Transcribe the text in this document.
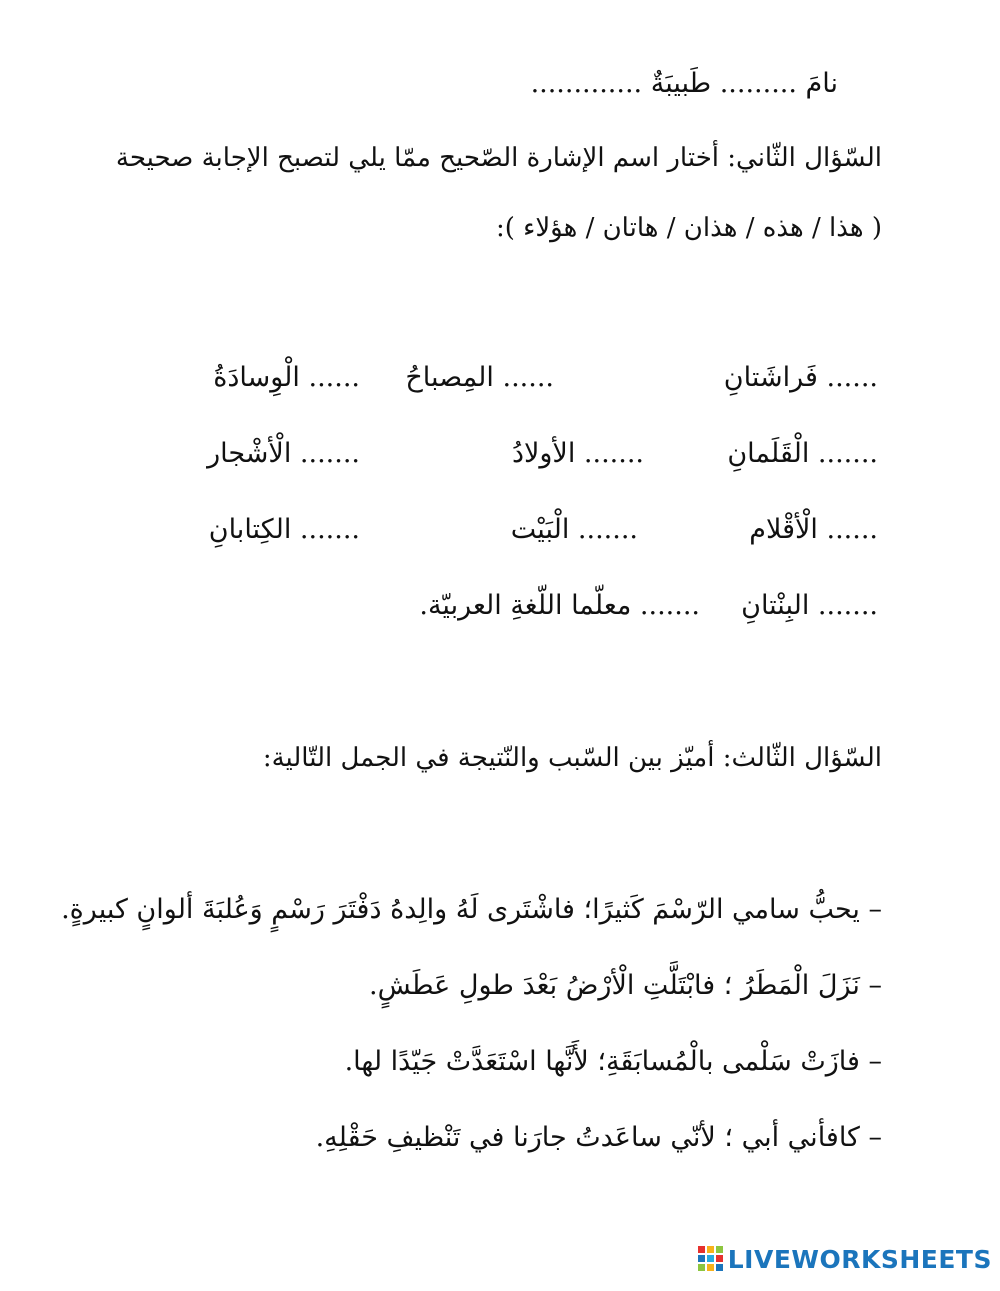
نامَ ......... طَبيبَةٌ .............
السّؤال الثّاني: أختار اسم الإشارة الصّحيح ممّا يلي لتصبح الإجابة صحيحة
( هذا / هذه / هذان / هاتان / هؤلاء ):
...... فَراشَتانِ
...... المِصباحُ
...... الْوِسادَةُ
....... الْقَلَمانِ
....... الأولادُ
....... الْأشْجار
...... الْأقْلام
....... الْبَيْت
....... الكِتابانِ
....... البِنْتانِ
....... معلّما اللّغةِ العربيّة.
السّؤال الثّالث: أميّز بين السّبب والنّتيجة في الجمل التّالية:
– يحبُّ سامي الرّسْمَ كَثيرًا؛ فاشْتَرى لَهُ والِدهُ دَفْتَرَ رَسْمٍ وَعُلبَةَ ألوانٍ كبيرةٍ.
– نَزَلَ الْمَطَرُ ؛ فابْتَلَّتِ الْأرْضُ بَعْدَ طولِ عَطَشٍ.
– فازَتْ سَلْمى بالْمُسابَقَةِ؛ لأَنَّها اسْتَعَدَّتْ جَيّدًا لها.
– كافأني أبي ؛ لأنّي ساعَدتُ جارَنا في تَنْظيفِ حَقْلِهِ.
LIVEWORKSHEETS
